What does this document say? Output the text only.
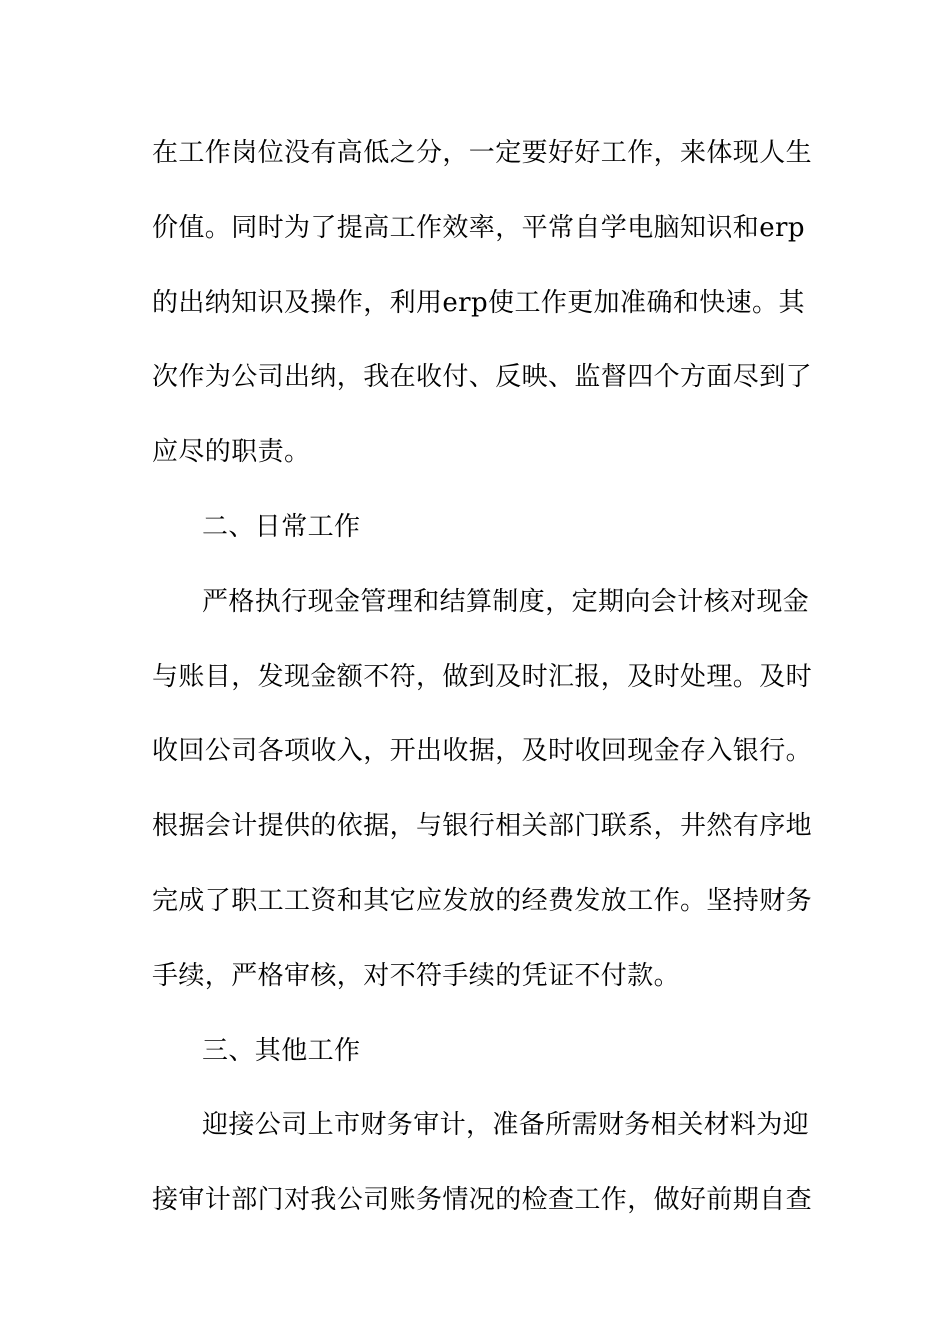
在工作岗位没有高低之分，一定要好好工作，来体现人生
价值。同时为了提高工作效率，平常自学电脑知识和erp
的出纳知识及操作，利用erp使工作更加准确和快速。其
次作为公司出纳，我在收付、反映、监督四个方面尽到了
应尽的职责。
二、日常工作
严格执行现金管理和结算制度，定期向会计核对现金
与账目，发现金额不符，做到及时汇报，及时处理。及时
收回公司各项收入，开出收据，及时收回现金存入银行。
根据会计提供的依据，与银行相关部门联系，井然有序地
完成了职工工资和其它应发放的经费发放工作。坚持财务
手续，严格审核，对不符手续的凭证不付款。
三、其他工作
迎接公司上市财务审计，准备所需财务相关材料为迎
接审计部门对我公司账务情况的检查工作，做好前期自查
